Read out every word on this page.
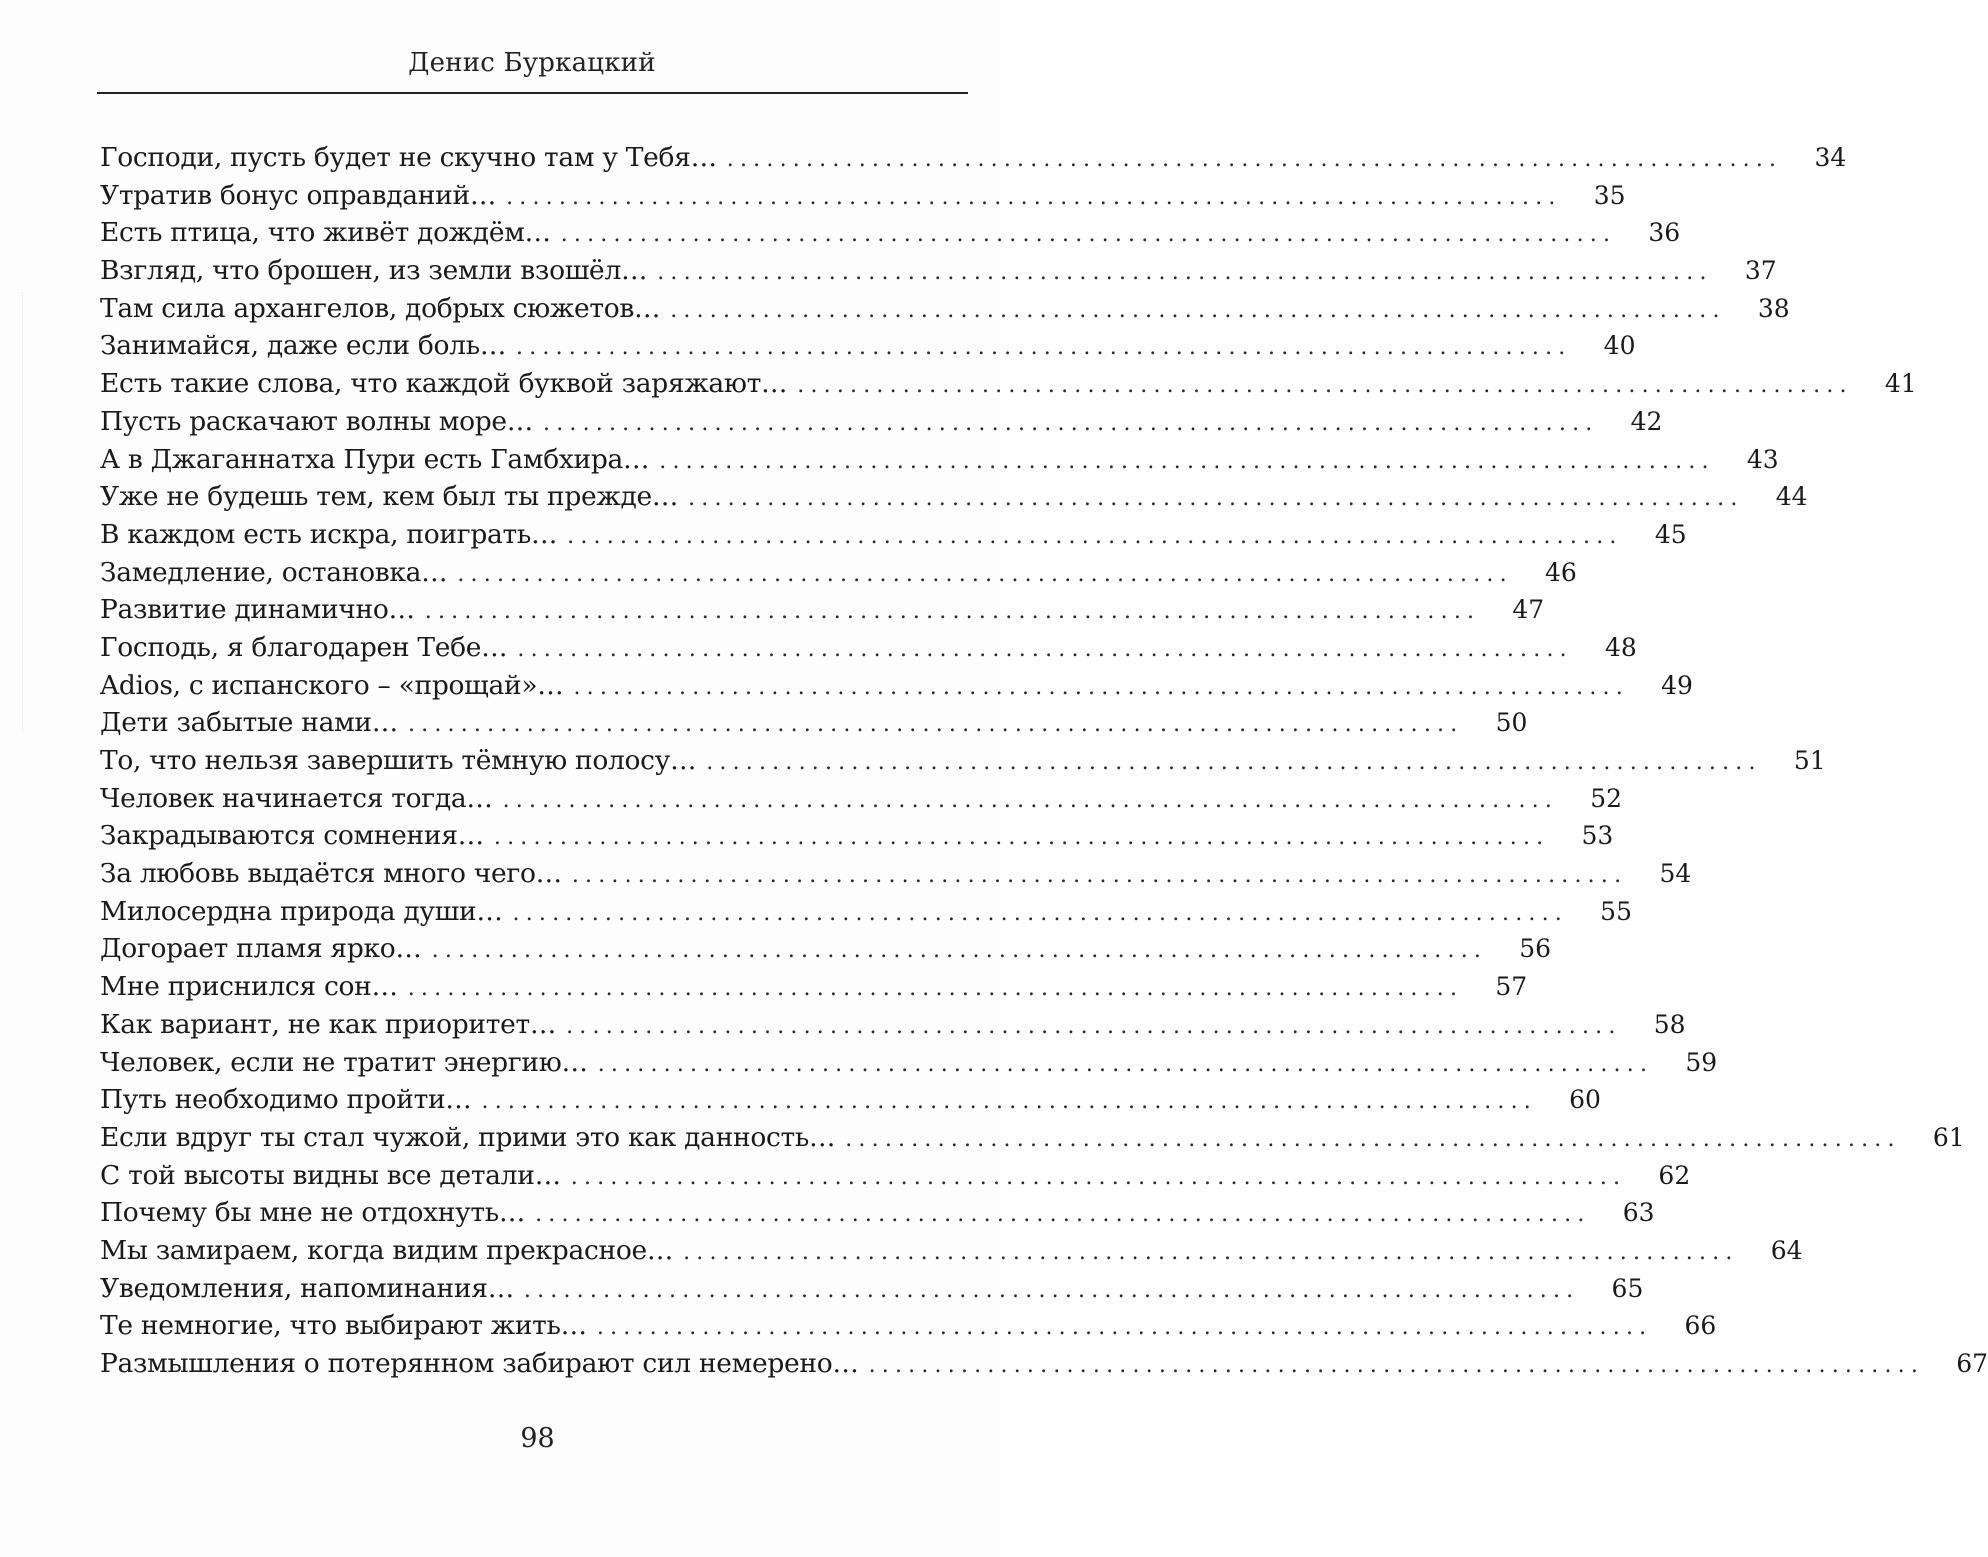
Денис Буркацкий
Господи, пусть будет не скучно там у Тебя… ................................................................................	34
Утратив бонус оправданий… ................................................................................	35
Есть птица, что живёт дождём… ................................................................................	36
Взгляд, что брошен, из земли взошёл… ................................................................................	37
Там сила архангелов, добрых сюжетов… ................................................................................	38
Занимайся, даже если боль… ................................................................................	40
Есть такие слова, что каждой буквой заряжают… ................................................................................	41
Пусть раскачают волны море… ................................................................................	42
А в Джаганнатха Пури есть Гамбхира… ................................................................................	43
Уже не будешь тем, кем был ты прежде… ................................................................................	44
В каждом есть искра, поиграть… ................................................................................	45
Замедление, остановка… ................................................................................	46
Развитие динамично… ................................................................................	47
Господь, я благодарен Тебе… ................................................................................	48
Adios, с испанского – «прощай»… ................................................................................	49
Дети забытые нами… ................................................................................	50
То, что нельзя завершить тёмную полосу… ................................................................................	51
Человек начинается тогда… ................................................................................	52
Закрадываются сомнения… ................................................................................	53
За любовь выдаётся много чего… ................................................................................	54
Милосердна природа души… ................................................................................	55
Догорает пламя ярко… ................................................................................	56
Мне приснился сон… ................................................................................	57
Как вариант, не как приоритет… ................................................................................	58
Человек, если не тратит энергию… ................................................................................	59
Путь необходимо пройти… ................................................................................	60
Если вдруг ты стал чужой, прими это как данность… ................................................................................	61
С той высоты видны все детали… ................................................................................	62
Почему бы мне не отдохнуть… ................................................................................	63
Мы замираем, когда видим прекрасное… ................................................................................	64
Уведомления, напоминания… ................................................................................	65
Те немногие, что выбирают жить… ................................................................................	66
Размышления о потерянном забирают сил немерено… ................................................................................	67
98
